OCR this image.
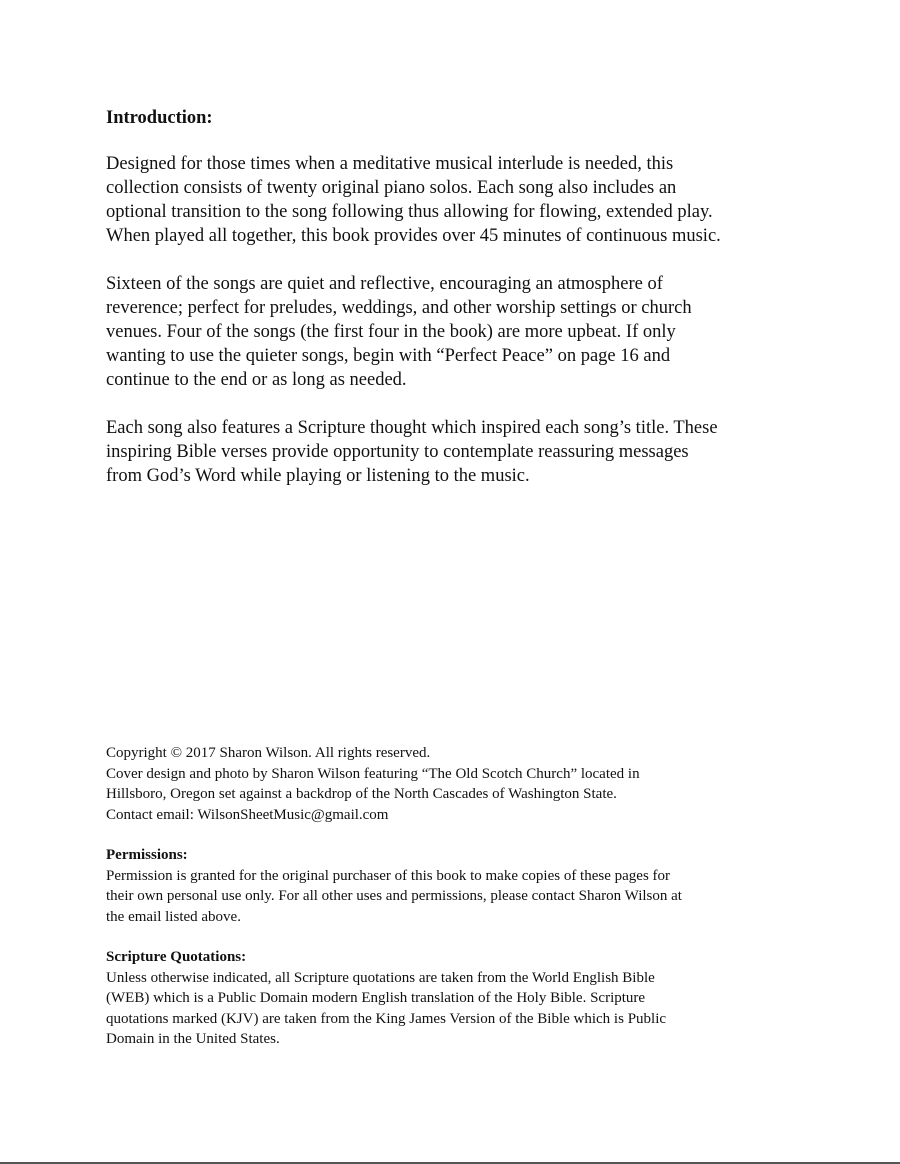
Introduction:

Designed for those times when a meditative musical interlude is needed, this
collection consists of twenty original piano solos. Each song also includes an
optional transition to the song following thus allowing for flowing, extended play.
When played all together, this book provides over 45 minutes of continuous music.

Sixteen of the songs are quiet and reflective, encouraging an atmosphere of
reverence; perfect for preludes, weddings, and other worship settings or church
venues. Four of the songs (the first four in the book) are more upbeat. If only
wanting to use the quieter songs, begin with “Perfect Peace” on page 16 and
continue to the end or as long as needed.

Each song also features a Scripture thought which inspired each song’s title. These
inspiring Bible verses provide opportunity to contemplate reassuring messages
from God’s Word while playing or listening to the music.

Copyright © 2017 Sharon Wilson. All rights reserved.
Cover design and photo by Sharon Wilson featuring “The Old Scotch Church” located in
Hillsboro, Oregon set against a backdrop of the North Cascades of Washington State.
Contact email: WilsonSheetMusic@gmail.com
Permissions:
Permission is granted for the original purchaser of this book to make copies of these pages for
their own personal use only. For all other uses and permissions, please contact Sharon Wilson at
the email listed above.
Scripture Quotations:
Unless otherwise indicated, all Scripture quotations are taken from the World English Bible
(WEB) which is a Public Domain modern English translation of the Holy Bible. Scripture
quotations marked (KJV) are taken from the King James Version of the Bible which is Public
Domain in the United States.
